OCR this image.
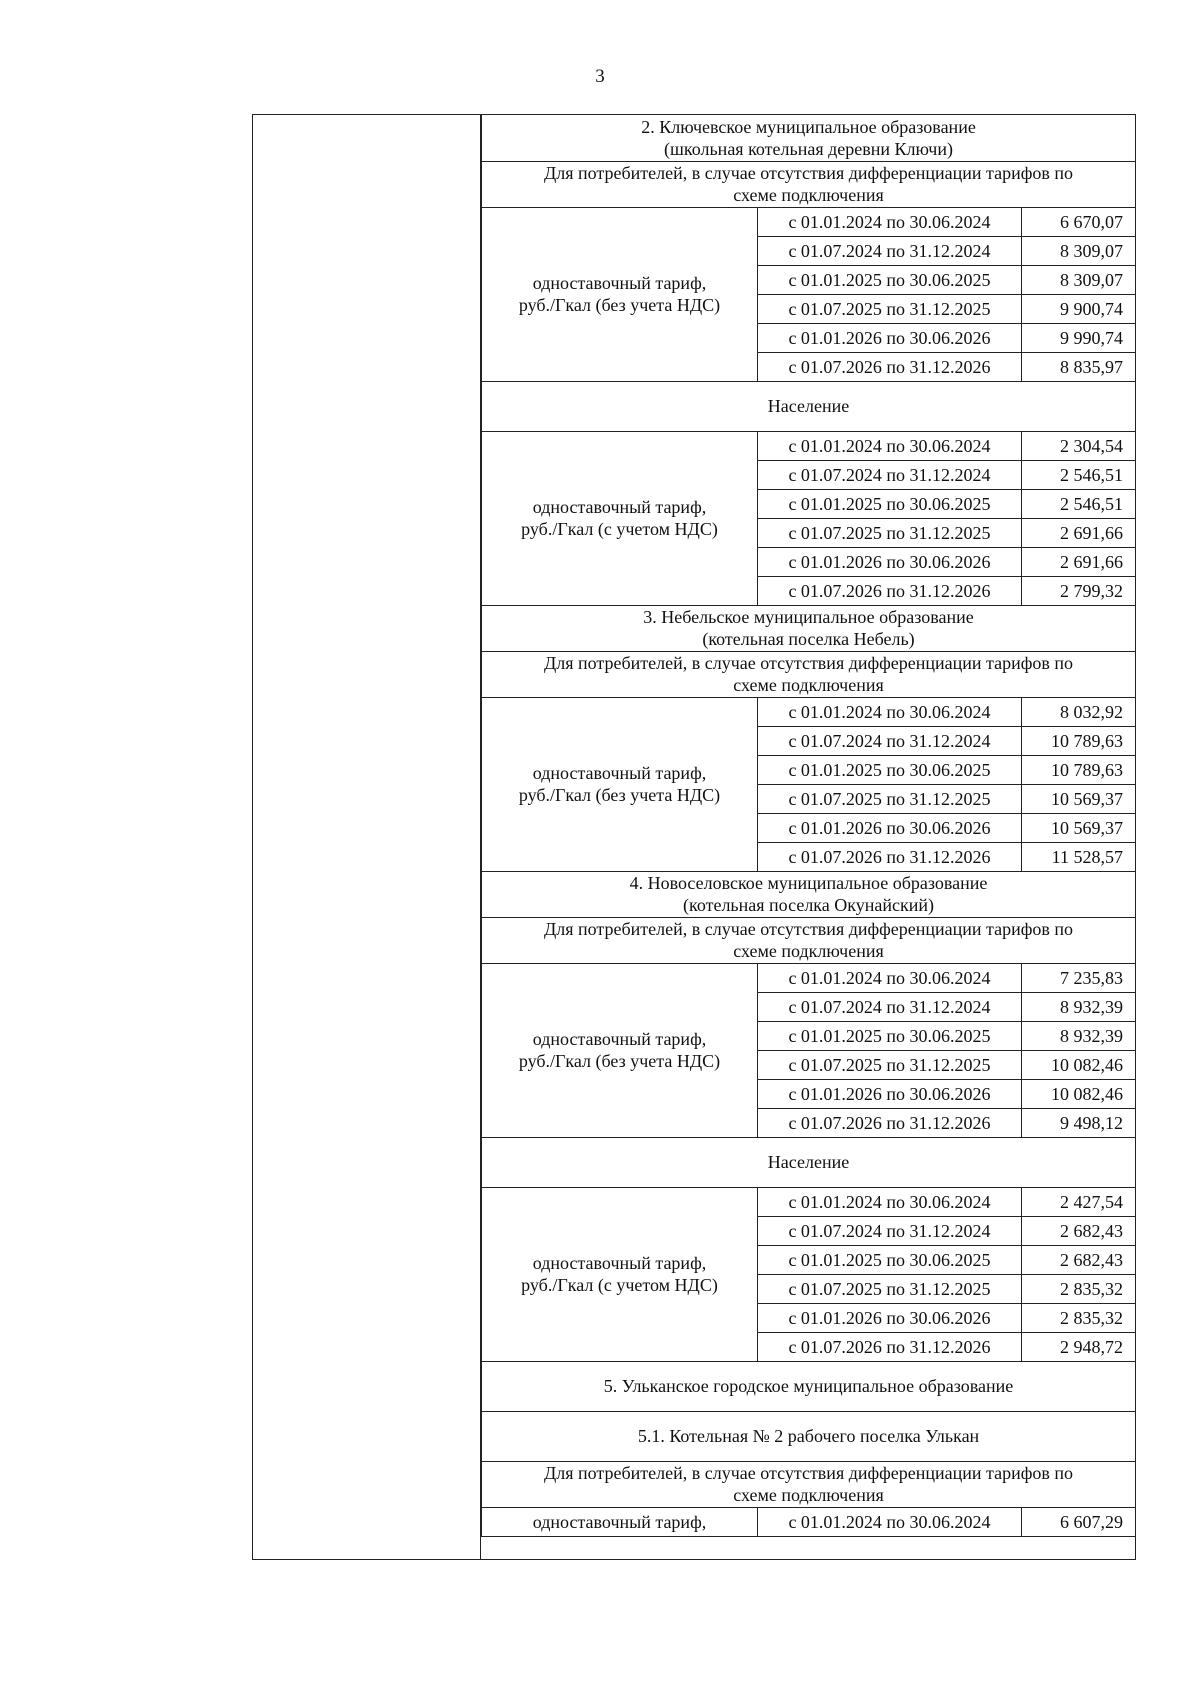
3
2. Ключевское муниципальное образование
(школьная котельная деревни Ключи)		
Для потребителей, в случае отсутствия дифференциации тарифов по
схеме подключения		
одноставочный тариф,
руб./Гкал (без учета НДС)	с 01.01.2024 по 30.06.2024	6 670,07
	с 01.07.2024 по 31.12.2024	8 309,07
	с 01.01.2025 по 30.06.2025	8 309,07
	с 01.07.2025 по 31.12.2025	9 900,74
	с 01.01.2026 по 30.06.2026	9 990,74
	с 01.07.2026 по 31.12.2026	8 835,97
Население		
одноставочный тариф,
руб./Гкал (с учетом НДС)	с 01.01.2024 по 30.06.2024	2 304,54
	с 01.07.2024 по 31.12.2024	2 546,51
	с 01.01.2025 по 30.06.2025	2 546,51
	с 01.07.2025 по 31.12.2025	2 691,66
	с 01.01.2026 по 30.06.2026	2 691,66
	с 01.07.2026 по 31.12.2026	2 799,32
3. Небельское муниципальное образование
(котельная поселка Небель)		
Для потребителей, в случае отсутствия дифференциации тарифов по
схеме подключения		
одноставочный тариф,
руб./Гкал (без учета НДС)	с 01.01.2024 по 30.06.2024	8 032,92
	с 01.07.2024 по 31.12.2024	10 789,63
	с 01.01.2025 по 30.06.2025	10 789,63
	с 01.07.2025 по 31.12.2025	10 569,37
	с 01.01.2026 по 30.06.2026	10 569,37
	с 01.07.2026 по 31.12.2026	11 528,57
4. Новоселовское муниципальное образование
(котельная поселка Окунайский)		
Для потребителей, в случае отсутствия дифференциации тарифов по
схеме подключения		
одноставочный тариф,
руб./Гкал (без учета НДС)	с 01.01.2024 по 30.06.2024	7 235,83
	с 01.07.2024 по 31.12.2024	8 932,39
	с 01.01.2025 по 30.06.2025	8 932,39
	с 01.07.2025 по 31.12.2025	10 082,46
	с 01.01.2026 по 30.06.2026	10 082,46
	с 01.07.2026 по 31.12.2026	9 498,12
Население		
одноставочный тариф,
руб./Гкал (с учетом НДС)	с 01.01.2024 по 30.06.2024	2 427,54
	с 01.07.2024 по 31.12.2024	2 682,43
	с 01.01.2025 по 30.06.2025	2 682,43
	с 01.07.2025 по 31.12.2025	2 835,32
	с 01.01.2026 по 30.06.2026	2 835,32
	с 01.07.2026 по 31.12.2026	2 948,72
5. Ульканское городское муниципальное образование		
5.1. Котельная № 2 рабочего поселка Улькан		
Для потребителей, в случае отсутствия дифференциации тарифов по
схеме подключения		
одноставочный тариф,	с 01.01.2024 по 30.06.2024	6 607,29
